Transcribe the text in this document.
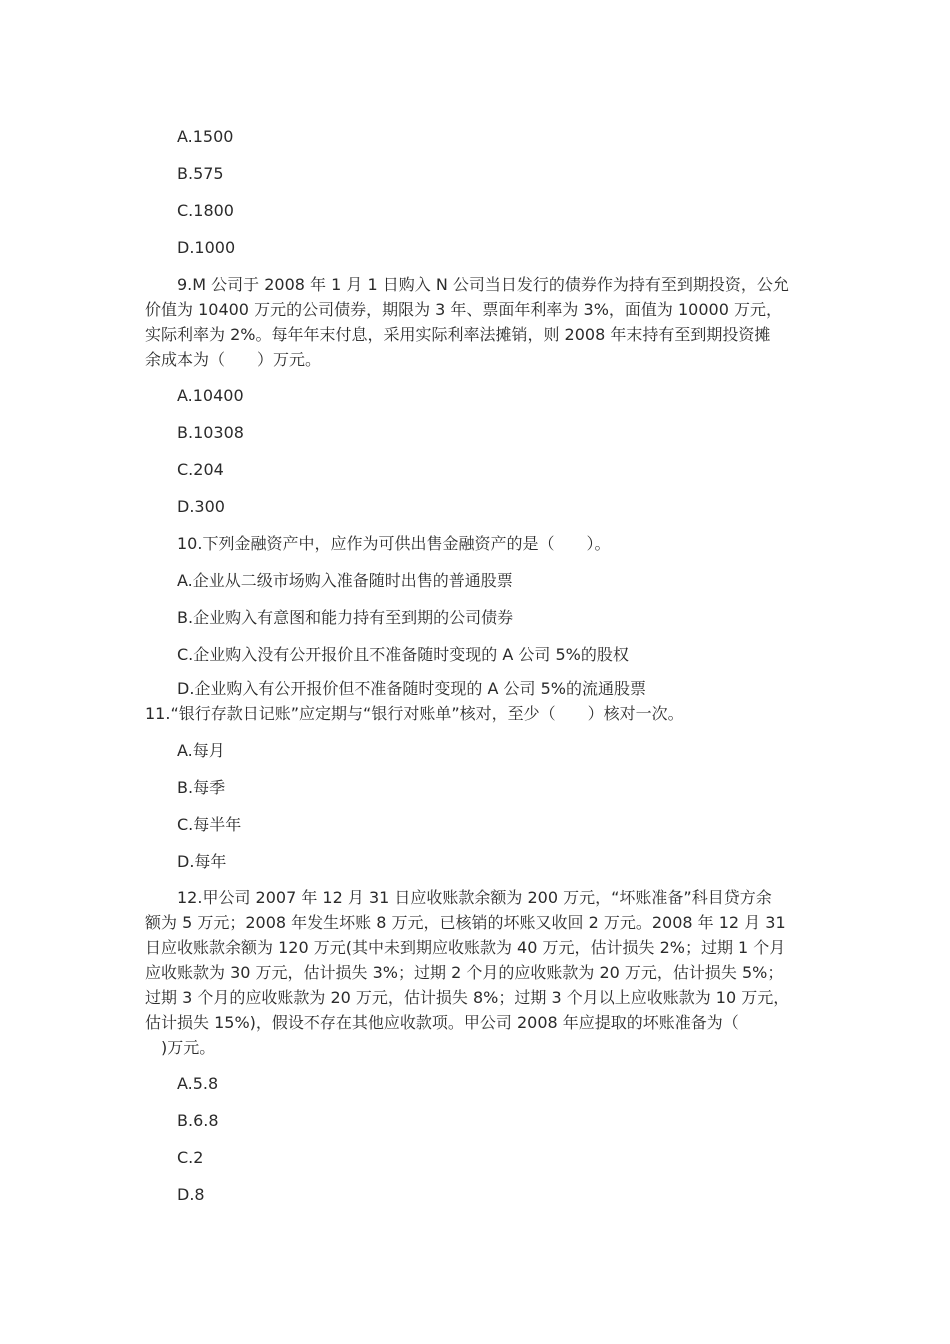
A.1500
B.575
C.1800
D.1000
9.M 公司于 2008 年 1 月 1 日购入 N 公司当日发行的债券作为持有至到期投资，公允
价值为 10400 万元的公司债券，期限为 3 年、票面年利率为 3%，面值为 10000 万元，
实际利率为 2%。每年年末付息，采用实际利率法摊销，则 2008 年末持有至到期投资摊
余成本为（　　）万元。
A.10400
B.10308
C.204
D.300
10.下列金融资产中，应作为可供出售金融资产的是（　　）。
A.企业从二级市场购入准备随时出售的普通股票
B.企业购入有意图和能力持有至到期的公司债券
C.企业购入没有公开报价且不准备随时变现的 A 公司 5%的股权
D.企业购入有公开报价但不准备随时变现的 A 公司 5%的流通股票
11.“银行存款日记账”应定期与“银行对账单”核对，至少（　　）核对一次。
A.每月
B.每季
C.每半年
D.每年
12.甲公司 2007 年 12 月 31 日应收账款余额为 200 万元，“坏账准备”科目贷方余
额为 5 万元；2008 年发生坏账 8 万元，已核销的坏账又收回 2 万元。2008 年 12 月 31
日应收账款余额为 120 万元(其中未到期应收账款为 40 万元，估计损失 2%；过期 1 个月
应收账款为 30 万元，估计损失 3%；过期 2 个月的应收账款为 20 万元，估计损失 5%；
过期 3 个月的应收账款为 20 万元，估计损失 8%；过期 3 个月以上应收账款为 10 万元，
估计损失 15%)，假设不存在其他应收款项。甲公司 2008 年应提取的坏账准备为（
　)万元。
A.5.8
B.6.8
C.2
D.8
